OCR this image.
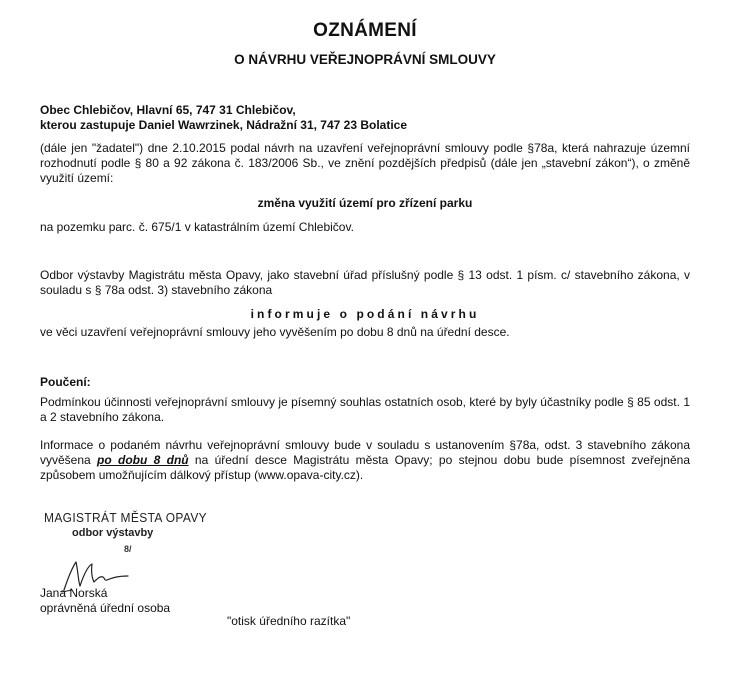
OZNÁMENÍ
O NÁVRHU VEŘEJNOPRÁVNÍ SMLOUVY
Obec Chlebičov, Hlavní 65, 747 31 Chlebičov,
kterou zastupuje Daniel Wawrzinek, Nádražní 31, 747 23 Bolatice
(dále jen "žadatel") dne 2.10.2015 podal návrh na uzavření veřejnoprávní smlouvy podle §78a, která nahrazuje územní rozhodnutí podle § 80 a 92 zákona č. 183/2006 Sb., ve znění pozdějších předpisů (dále jen „stavební zákon“), o změně využití území:
změna využití území pro zřízení parku
na pozemku parc. č. 675/1 v katastrálním území Chlebičov.
Odbor výstavby Magistrátu města Opavy, jako stavební úřad příslušný podle § 13 odst. 1 písm. c/ stavebního zákona, v souladu s § 78a odst. 3) stavebního zákona
informuje o podání návrhu
ve věci uzavření veřejnoprávní smlouvy jeho vyvěšením po dobu 8 dnů na úřední desce.
Poučení:
Podmínkou účinnosti veřejnoprávní smlouvy je písemný souhlas ostatních osob, které by byly účastníky podle § 85 odst. 1 a 2 stavebního zákona.
Informace o podaném návrhu veřejnoprávní smlouvy bude v souladu s ustanovením §78a, odst. 3 stavebního zákona vyvěšena po dobu 8 dnů na úřední desce Magistrátu města Opavy; po stejnou dobu bude písemnost zveřejněna způsobem umožňujícím dálkový přístup (www.opava-city.cz).
MAGISTRÁT MĚSTA OPAVY
odbor výstavby
8/
Jana Norská
oprávněná úřední osoba
"otisk úředního razítka"
